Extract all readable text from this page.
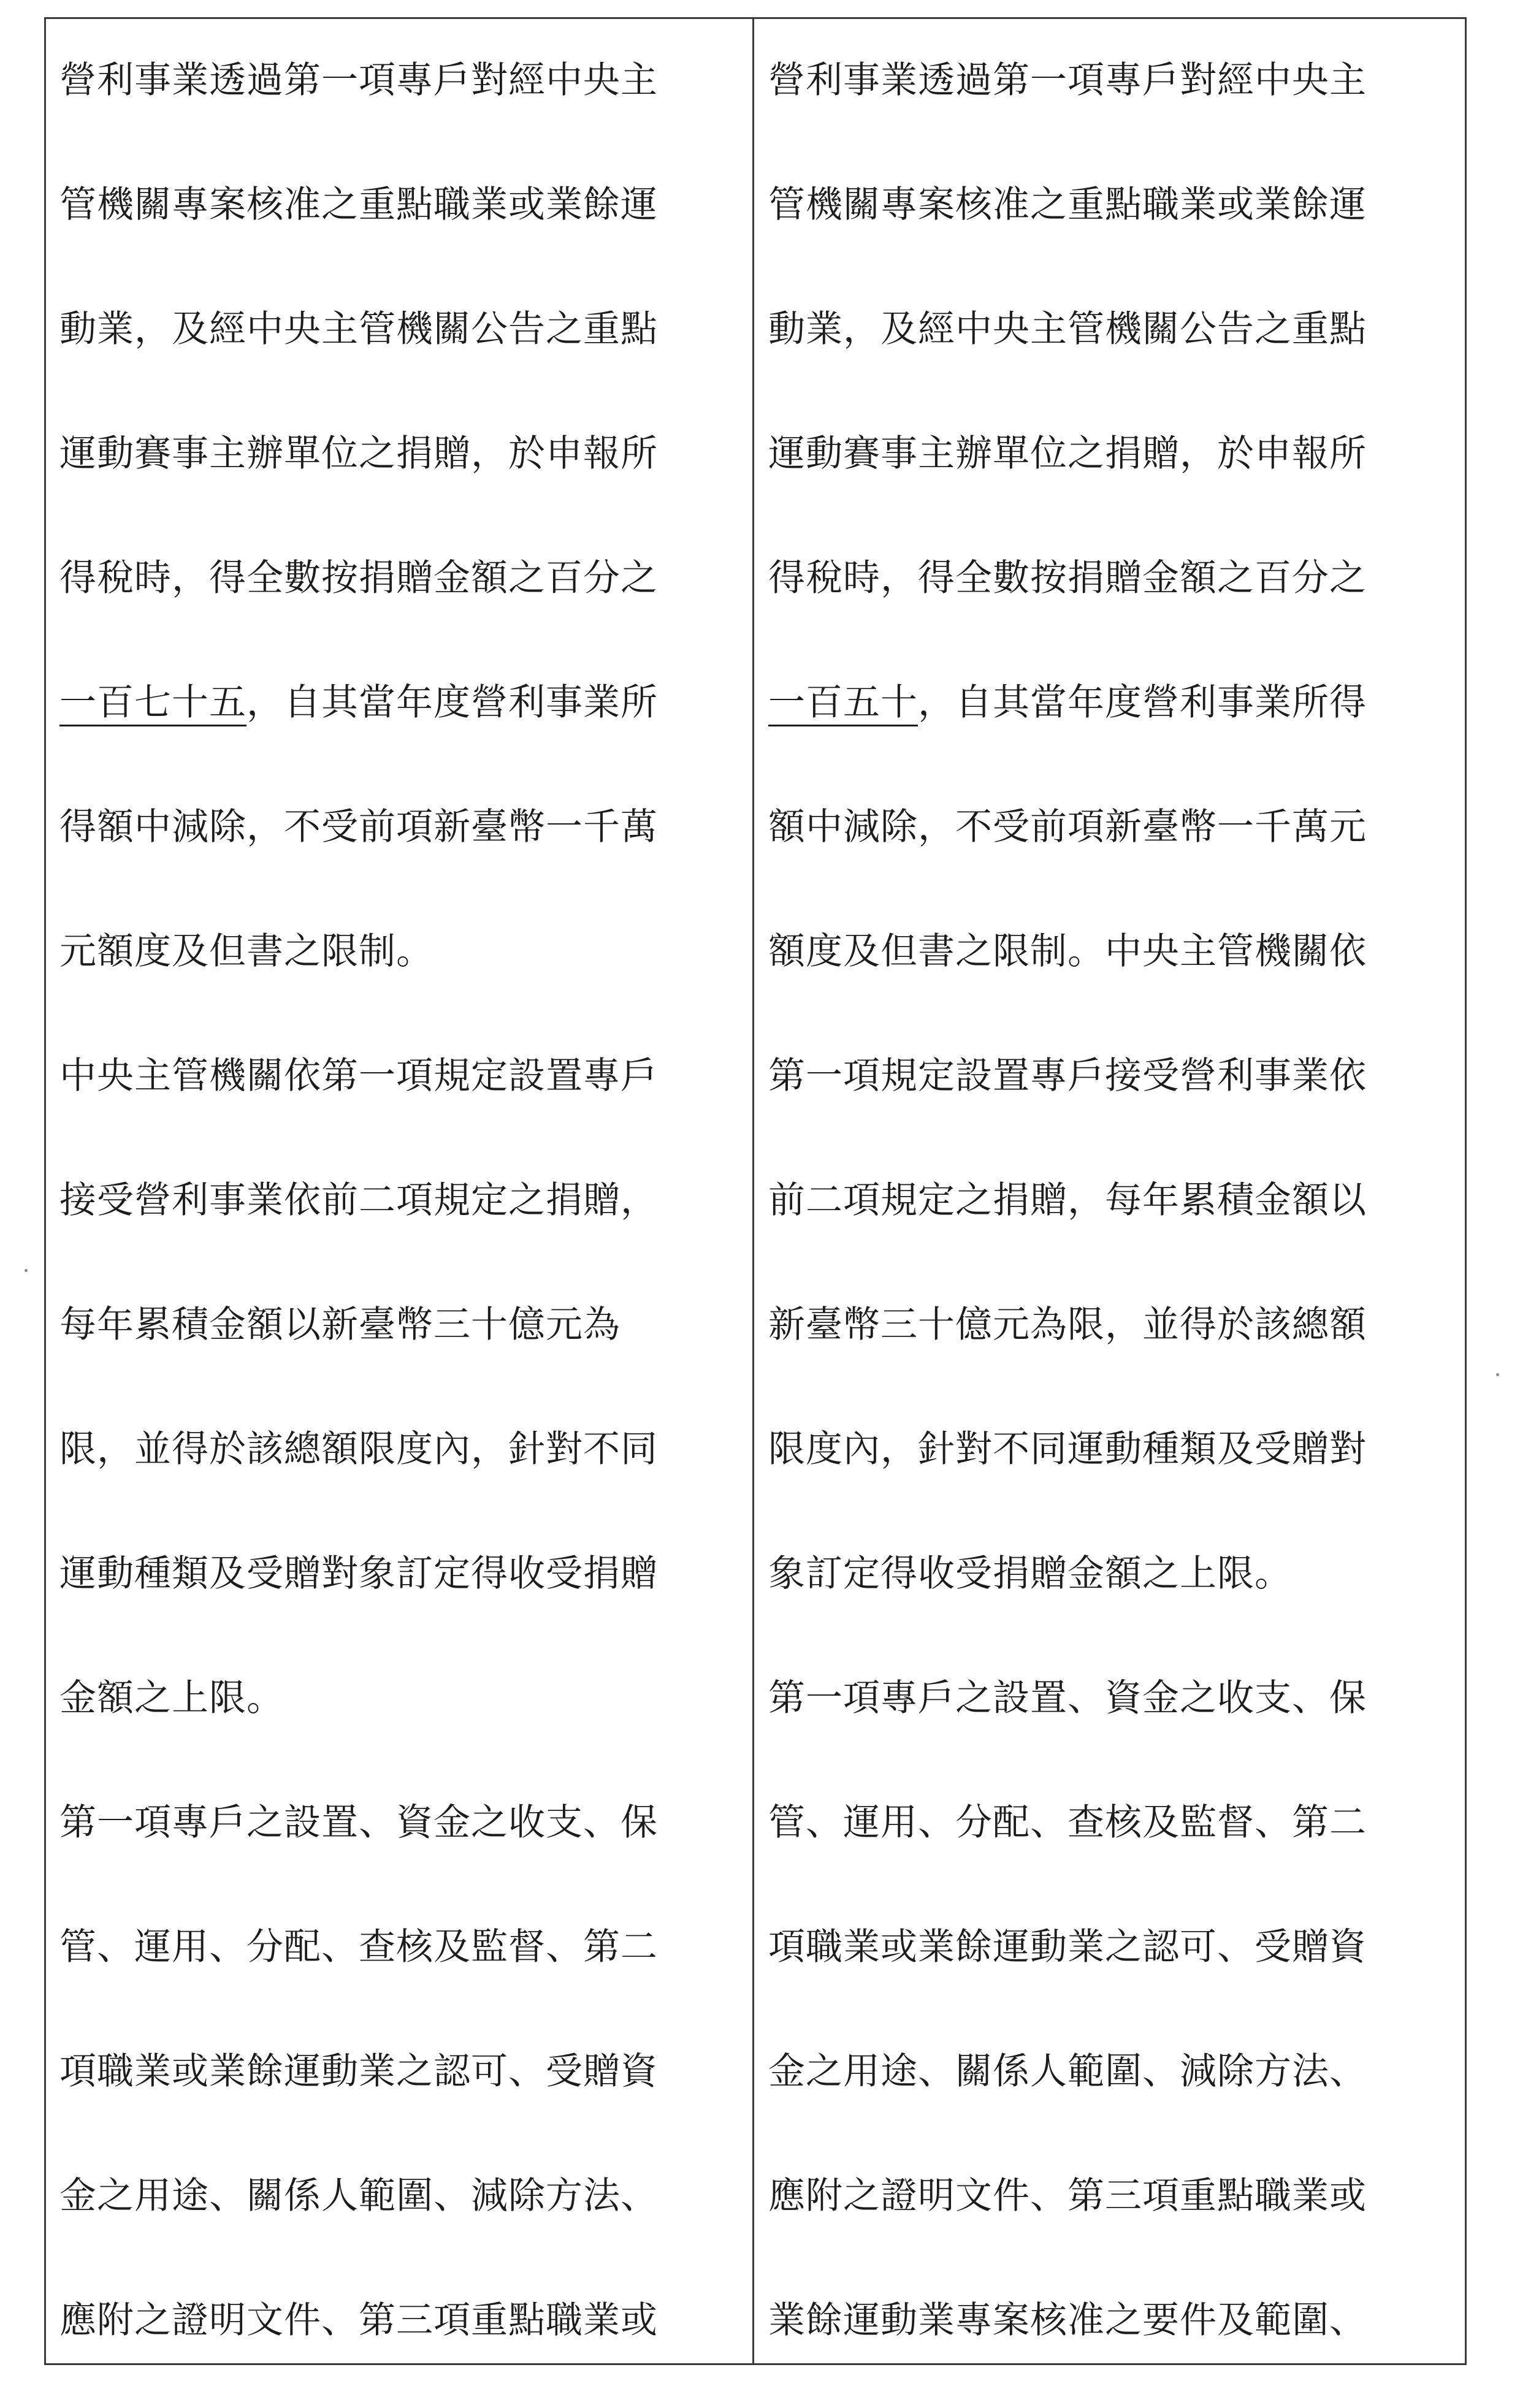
營利事業透過第一項專戶對經中央主
管機關專案核准之重點職業或業餘運
動業，及經中央主管機關公告之重點
運動賽事主辦單位之捐贈，於申報所
得稅時，得全數按捐贈金額之百分之
一百七十五，自其當年度營利事業所
得額中減除，不受前項新臺幣一千萬
元額度及但書之限制。
中央主管機關依第一項規定設置專戶
接受營利事業依前二項規定之捐贈，
每年累積金額以新臺幣三十億元為
限，並得於該總額限度內，針對不同
運動種類及受贈對象訂定得收受捐贈
金額之上限。
第一項專戶之設置、資金之收支、保
管、運用、分配、查核及監督、第二
項職業或業餘運動業之認可、受贈資
金之用途、關係人範圍、減除方法、
應附之證明文件、第三項重點職業或
營利事業透過第一項專戶對經中央主
管機關專案核准之重點職業或業餘運
動業，及經中央主管機關公告之重點
運動賽事主辦單位之捐贈，於申報所
得稅時，得全數按捐贈金額之百分之
一百五十，自其當年度營利事業所得
額中減除，不受前項新臺幣一千萬元
額度及但書之限制。中央主管機關依
第一項規定設置專戶接受營利事業依
前二項規定之捐贈，每年累積金額以
新臺幣三十億元為限，並得於該總額
限度內，針對不同運動種類及受贈對
象訂定得收受捐贈金額之上限。
第一項專戶之設置、資金之收支、保
管、運用、分配、查核及監督、第二
項職業或業餘運動業之認可、受贈資
金之用途、關係人範圍、減除方法、
應附之證明文件、第三項重點職業或
業餘運動業專案核准之要件及範圍、
